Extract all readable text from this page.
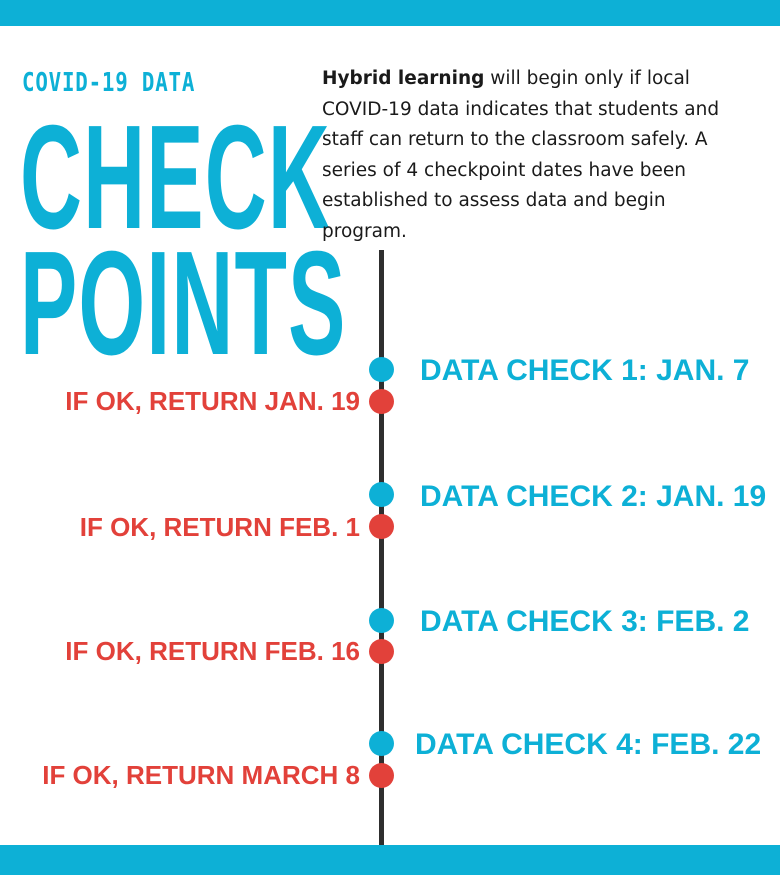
COVID-19 DATA
CHECK
POINTS
Hybrid learning will begin only if local COVID-19 data indicates that students and staff can return to the classroom safely. A series of 4 checkpoint dates have been established to assess data and begin program.
DATA CHECK 1: JAN. 7
IF OK, RETURN JAN. 19
DATA CHECK 2: JAN. 19
IF OK, RETURN FEB. 1
DATA CHECK 3: FEB. 2
IF OK, RETURN FEB. 16
DATA CHECK 4: FEB. 22
IF OK, RETURN MARCH 8
